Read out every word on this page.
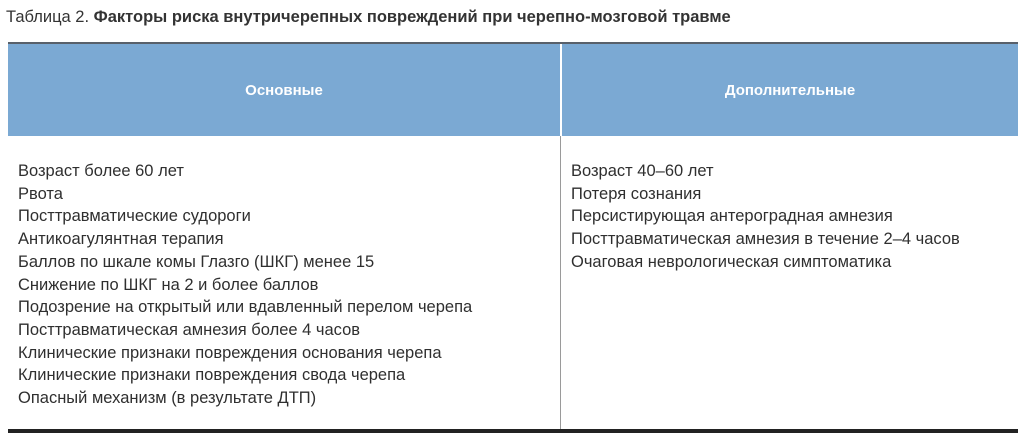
Таблица 2. Факторы риска внутричерепных повреждений при черепно-мозговой травме
Основные	Дополнительные
Возраст более 60 лет
Рвота
Посттравматические судороги
Антикоагулянтная терапия
Баллов по шкале комы Глазго (ШКГ) менее 15
Снижение по ШКГ на 2 и более баллов
Подозрение на открытый или вдавленный перелом черепа
Посттравматическая амнезия более 4 часов
Клинические признаки повреждения основания черепа
Клинические признаки повреждения свода черепа
Опасный механизм (в результате ДТП)
Возраст 40–60 лет
Потеря сознания
Персистирующая антероградная амнезия
Посттравматическая амнезия в течение 2–4 часов
Очаговая неврологическая симптоматика
